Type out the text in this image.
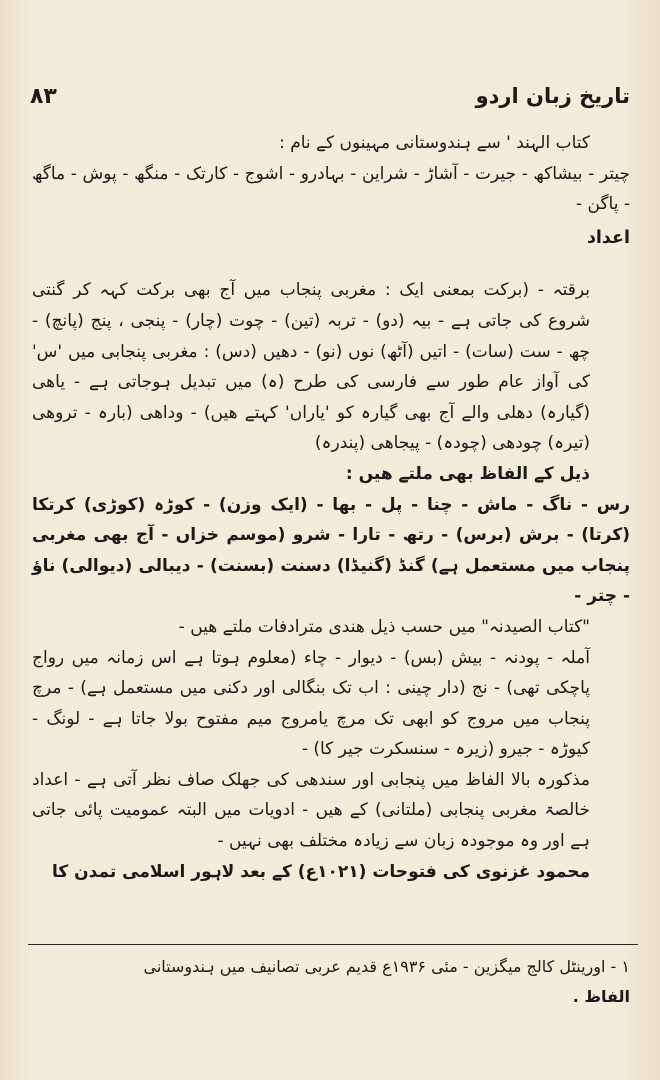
۸۳	تاریخ زبان اردو

کتاب الہند ' سے ہندوستانی مہینوں کے نام :

چیتر - بیشاکھ - جیرت - آشاڑ - شراین - بہادرو - اشوج - کارتک - منگھ - پوش - ماگھ - پاگن -

اعداد

برقتہ - (برکت بمعنی ایک : مغربی پنجاب میں آج بھی برکت کہہ کر گنتی شروع کی جاتی ہے - بیہ (دو) - تربہ (تین) - چوت (چار) - پنجی ، پنج (پانچ) - چھ - ست (سات) - اتیں (آٹھ) نوں (نو) - دھیں (دس) : مغربی پنجابی میں 'س' کی آواز عام طور سے فارسی کی طرح (ہ) میں تبدیل ہوجاتی ہے - یاھی (گیارہ) دھلی والے آج بھی گیارہ کو 'یاراں' کہتے ھیں) - وداھی (بارہ - تروھی (تیرہ) چودھی (چودہ) - پیجاھی (پندرہ)

ذیل کے الفاظ بھی ملتے ھیں :

رس - ناگ - ماش - چنا - پل - بھا - (ایک وزن) - کوڑہ (کوڑی) کرتکا (کرتا) - برش (برس) - رتھ - تارا - شرو (موسم خزاں - آج بھی مغربی پنجاب میں مستعمل ہے) گنڈ (گنیڈا) دسنت (بسنت) - دیبالی (دیوالی) ناؤ - چتر -

"کتاب الصیدنہ" میں حسب ذیل ھندی مترادفات ملتے ھیں -

آملہ - پودنہ - بیش (بس) - دیوار - چاء (معلوم ہوتا ہے اس زمانہ میں رواج پاچکی تھی) - نج (دار چینی : اب تک بنگالی اور دکنی میں مستعمل ہے) - مرچ پنجاب میں مروج کو ابھی تک مرچ یامروج میم مفتوح بولا جاتا ہے - لونگ - کیوڑہ - جیرو (زیرہ - سنسکرت جیر کا) -

مذکورہ بالا الفاظ میں پنجابی اور سندھی کی جھلک صاف نظر آتی ہے - اعداد خالصۃ مغربی پنجابی (ملتانی) کے ھیں - ادویات میں البتہ عمومیت پائی جاتی ہے اور وہ موجودہ زبان سے زیادہ مختلف بھی نہیں -

محمود غزنوی کی فتوحات (۱۰۲۱ع) کے بعد لاہور اسلامی تمدن کا

۱ - اورینٹل کالج میگزین - مئی ۱۹۳۶ع قدیم عربی تصانیف میں ہندوستانی

الفاظ .
